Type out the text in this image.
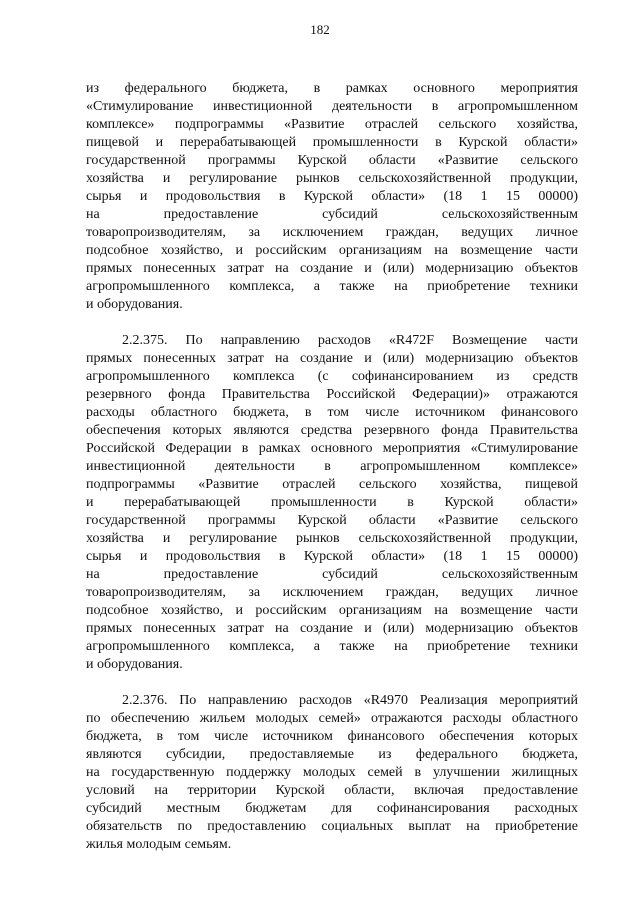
182

из федерального бюджета, в рамках основного мероприятия
«Стимулирование инвестиционной деятельности в агропромышленном
комплексе» подпрограммы «Развитие отраслей сельского хозяйства,
пищевой и перерабатывающей промышленности в Курской области»
государственной программы Курской области «Развитие сельского
хозяйства и регулирование рынков сельскохозяйственной продукции,
сырья и продовольствия в Курской области» (18 1 15 00000)
на предоставление субсидий сельскохозяйственным
товаропроизводителям, за исключением граждан, ведущих личное
подсобное хозяйство, и российским организациям на возмещение части
прямых понесенных затрат на создание и (или) модернизацию объектов
агропромышленного комплекса, а также на приобретение техники
и оборудования.

2.2.375. По направлению расходов «R472F Возмещение части
прямых понесенных затрат на создание и (или) модернизацию объектов
агропромышленного комплекса (с софинансированием из средств
резервного фонда Правительства Российской Федерации)» отражаются
расходы областного бюджета, в том числе источником финансового
обеспечения которых являются средства резервного фонда Правительства
Российской Федерации в рамках основного мероприятия «Стимулирование
инвестиционной деятельности в агропромышленном комплексе»
подпрограммы «Развитие отраслей сельского хозяйства, пищевой
и перерабатывающей промышленности в Курской области»
государственной программы Курской области «Развитие сельского
хозяйства и регулирование рынков сельскохозяйственной продукции,
сырья и продовольствия в Курской области» (18 1 15 00000)
на предоставление субсидий сельскохозяйственным
товаропроизводителям, за исключением граждан, ведущих личное
подсобное хозяйство, и российским организациям на возмещение части
прямых понесенных затрат на создание и (или) модернизацию объектов
агропромышленного комплекса, а также на приобретение техники
и оборудования.

2.2.376. По направлению расходов «R4970 Реализация мероприятий
по обеспечению жильем молодых семей» отражаются расходы областного
бюджета, в том числе источником финансового обеспечения которых
являются субсидии, предоставляемые из федерального бюджета,
на государственную поддержку молодых семей в улучшении жилищных
условий на территории Курской области, включая предоставление
субсидий местным бюджетам для софинансирования расходных
обязательств по предоставлению социальных выплат на приобретение
жилья молодым семьям.
